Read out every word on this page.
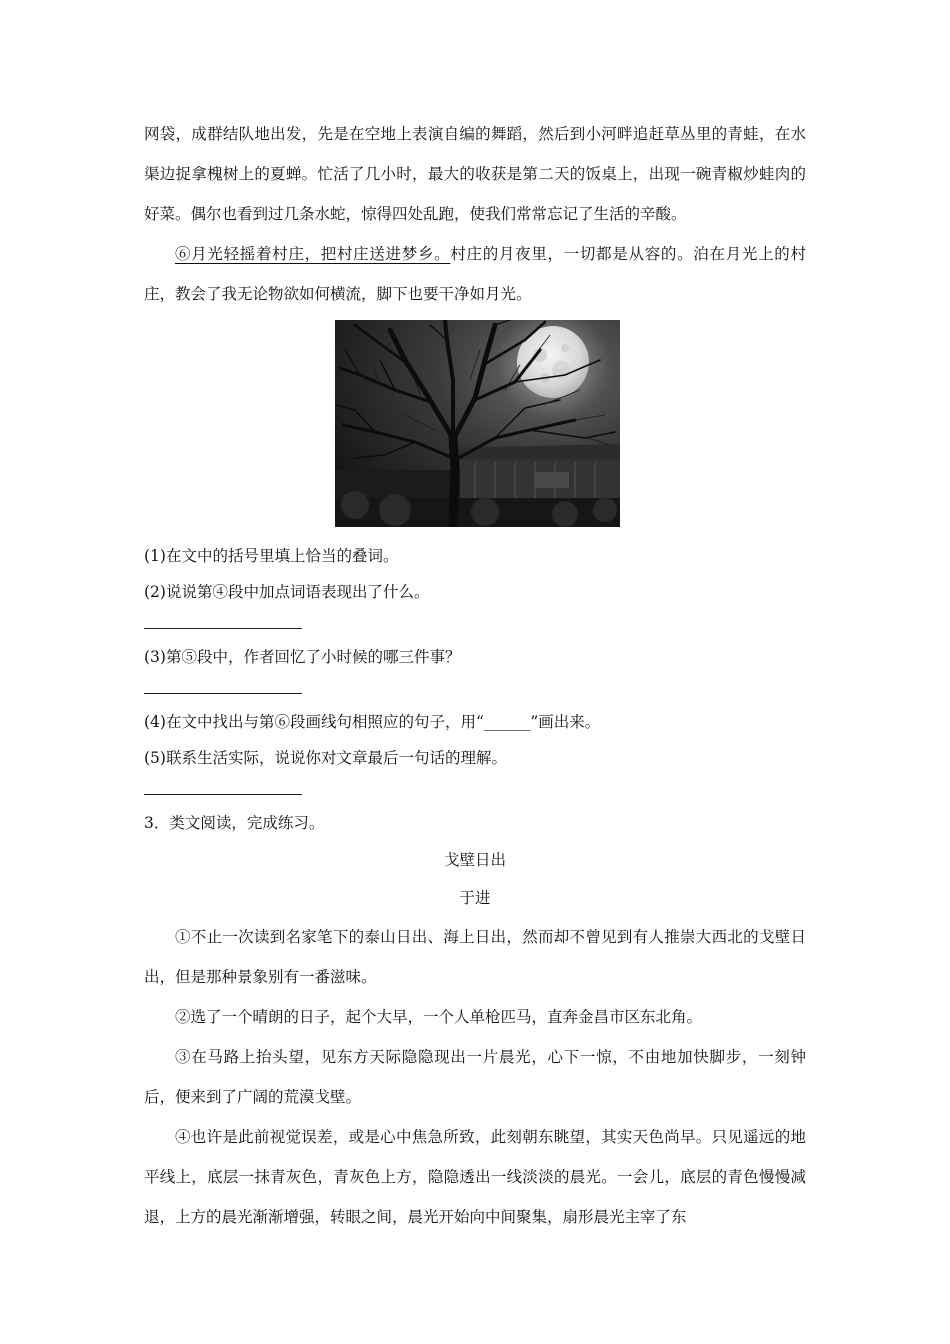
网袋，成群结队地出发，先是在空地上表演自编的舞蹈，然后到小河畔追赶草丛里的青蛙，在水渠边捉拿槐树上的夏蝉。忙活了几小时，最大的收获是第二天的饭桌上，出现一碗青椒炒蛙肉的好菜。偶尔也看到过几条水蛇，惊得四处乱跑，使我们常常忘记了生活的辛酸。

⑥月光轻摇着村庄，把村庄送进梦乡。村庄的月夜里，一切都是从容的。泊在月光上的村庄，教会了我无论物欲如何横流，脚下也要干净如月光。

(1)在文中的括号里填上恰当的叠词。

(2)说说第④段中加点词语表现出了什么。

(3)第⑤段中，作者回忆了小时候的哪三件事？

(4)在文中找出与第⑥段画线句相照应的句子，用“______”画出来。

(5)联系生活实际，说说你对文章最后一句话的理解。

3．类文阅读，完成练习。

戈壁日出

于进

①不止一次读到名家笔下的泰山日出、海上日出，然而却不曾见到有人推崇大西北的戈壁日出，但是那种景象别有一番滋味。

②选了一个晴朗的日子，起个大早，一个人单枪匹马，直奔金昌市区东北角。

③在马路上抬头望，见东方天际隐隐现出一片晨光，心下一惊，不由地加快脚步，一刻钟后，便来到了广阔的荒漠戈壁。

④也许是此前视觉误差，或是心中焦急所致，此刻朝东眺望，其实天色尚早。只见遥远的地平线上，底层一抹青灰色，青灰色上方，隐隐透出一线淡淡的晨光。一会儿，底层的青色慢慢减退，上方的晨光渐渐增强，转眼之间，晨光开始向中间聚集，扇形晨光主宰了东
